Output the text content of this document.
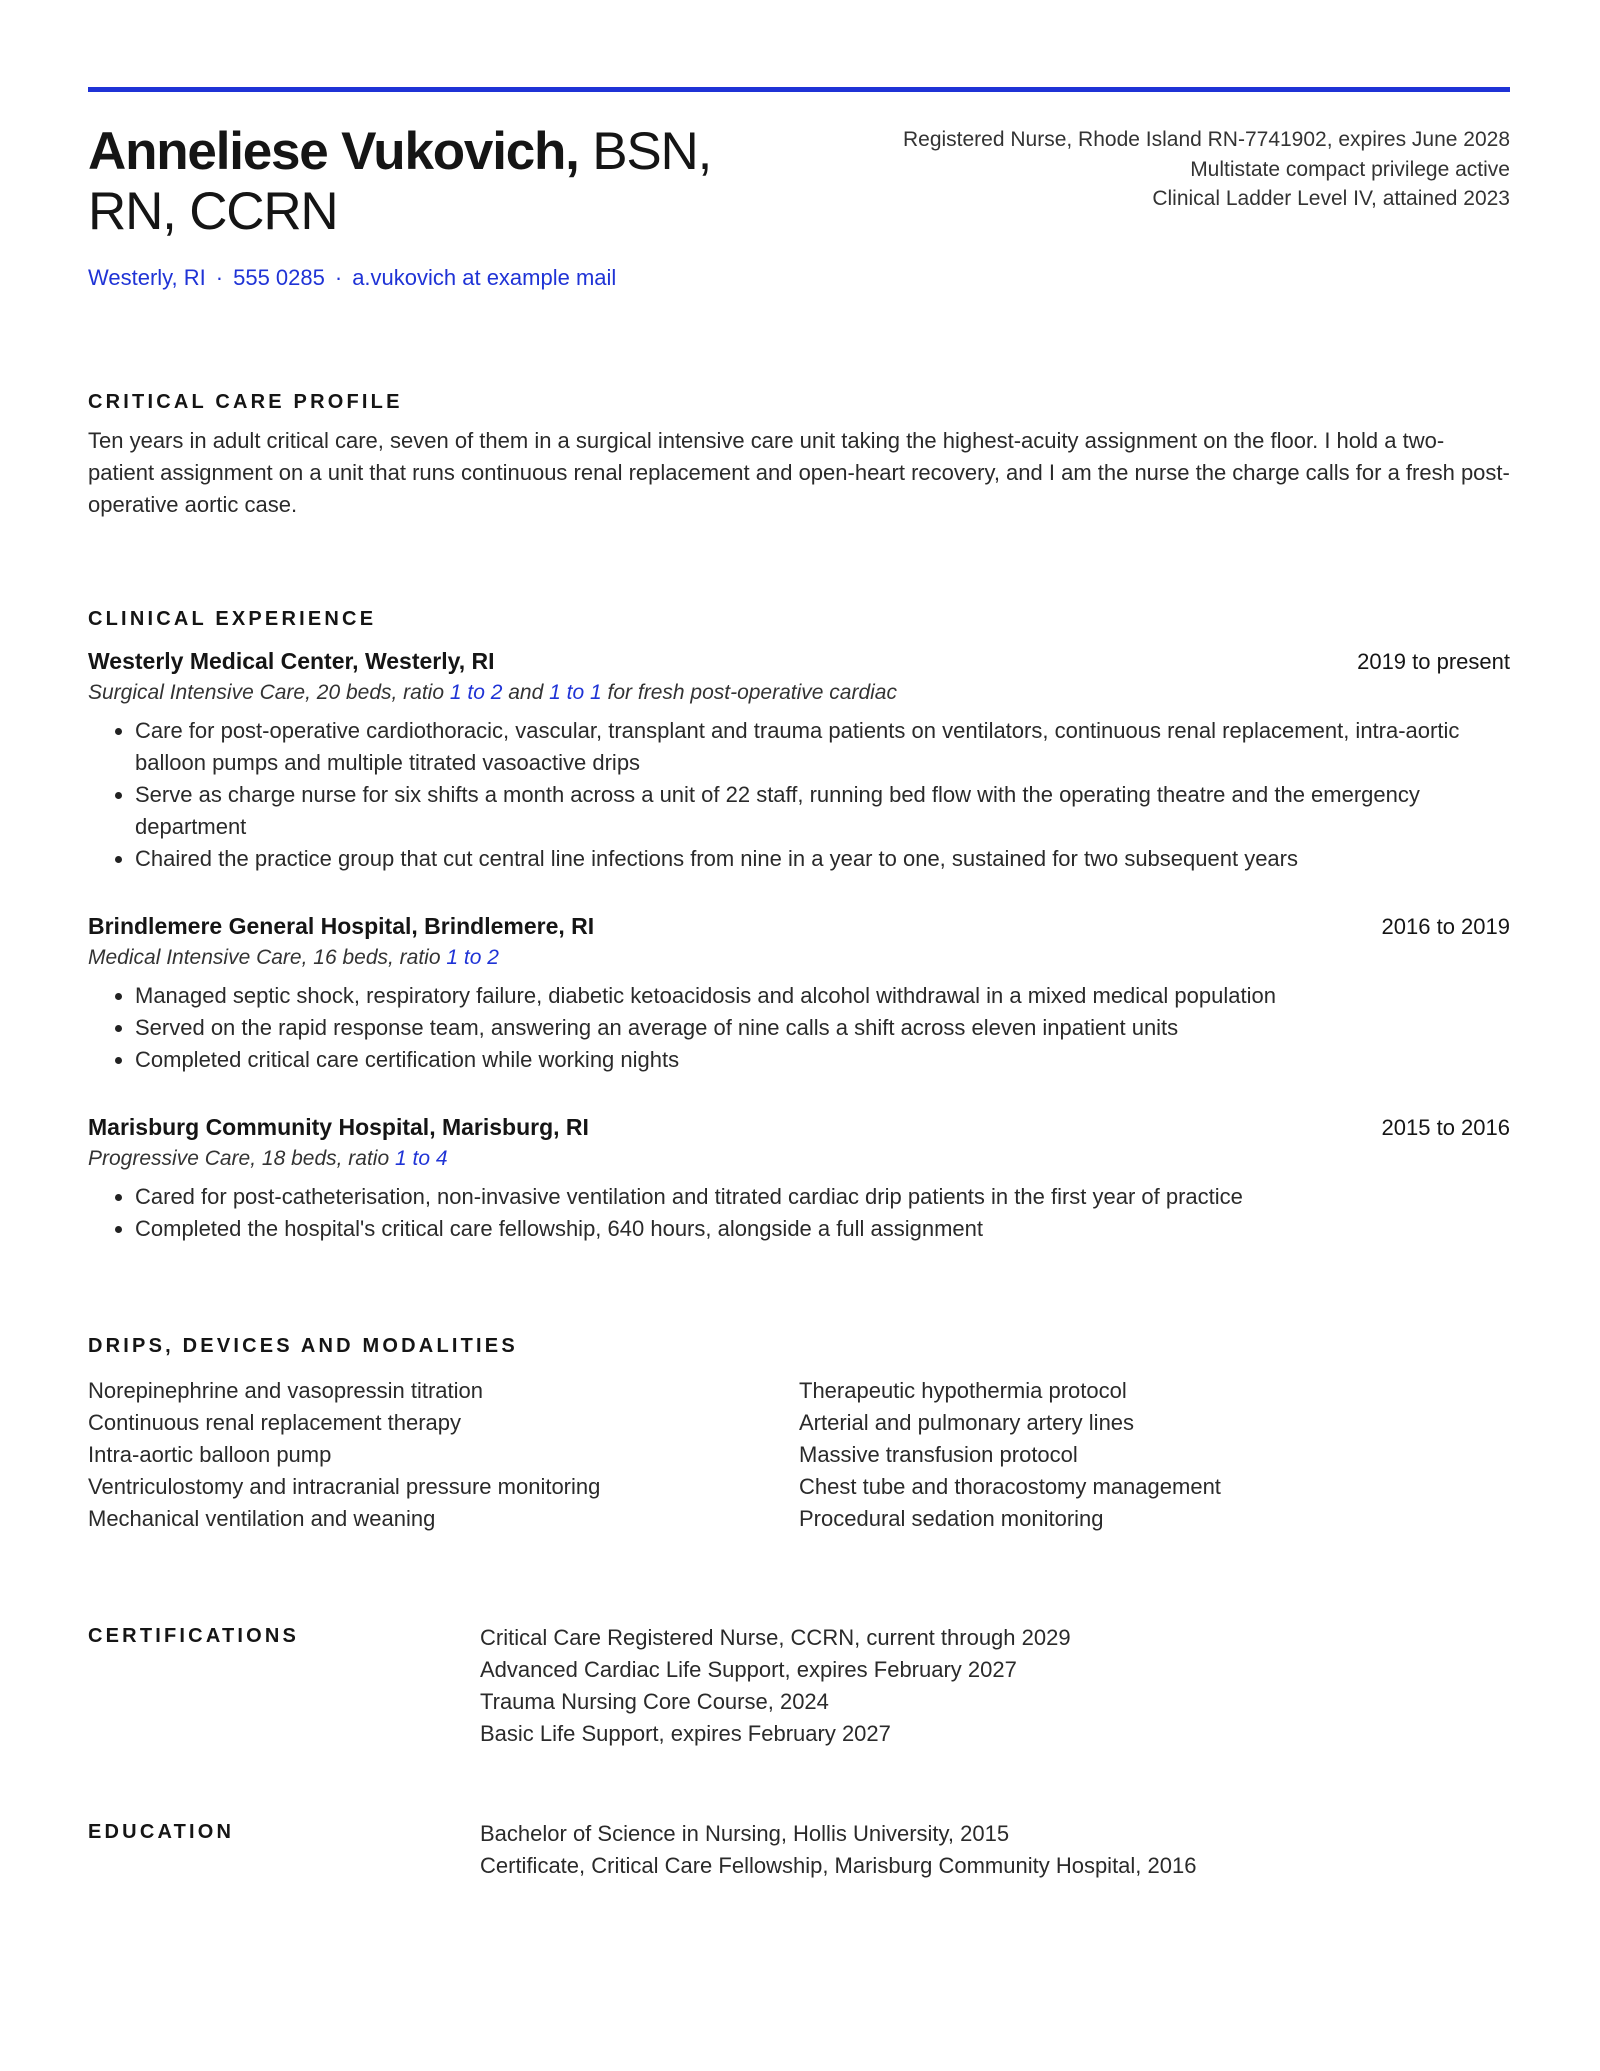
Anneliese Vukovich, BSN,
RN, CCRN
Westerly, RI · 555 0285 · a.vukovich at example mail
Registered Nurse, Rhode Island RN-7741902, expires June 2028
Multistate compact privilege active
Clinical Ladder Level IV, attained 2023
CRITICAL CARE PROFILE
Ten years in adult critical care, seven of them in a surgical intensive care unit taking the highest-acuity assignment on the floor. I hold a two-patient assignment on a unit that runs continuous renal replacement and open-heart recovery, and I am the nurse the charge calls for a fresh post-operative aortic case.
CLINICAL EXPERIENCE
Westerly Medical Center, Westerly, RI	2019 to present
Surgical Intensive Care, 20 beds, ratio 1 to 2 and 1 to 1 for fresh post-operative cardiac
• Care for post-operative cardiothoracic, vascular, transplant and trauma patients on ventilators, continuous renal replacement, intra-aortic balloon pumps and multiple titrated vasoactive drips
• Serve as charge nurse for six shifts a month across a unit of 22 staff, running bed flow with the operating theatre and the emergency department
• Chaired the practice group that cut central line infections from nine in a year to one, sustained for two subsequent years
Brindlemere General Hospital, Brindlemere, RI	2016 to 2019
Medical Intensive Care, 16 beds, ratio 1 to 2
• Managed septic shock, respiratory failure, diabetic ketoacidosis and alcohol withdrawal in a mixed medical population
• Served on the rapid response team, answering an average of nine calls a shift across eleven inpatient units
• Completed critical care certification while working nights
Marisburg Community Hospital, Marisburg, RI	2015 to 2016
Progressive Care, 18 beds, ratio 1 to 4
• Cared for post-catheterisation, non-invasive ventilation and titrated cardiac drip patients in the first year of practice
• Completed the hospital's critical care fellowship, 640 hours, alongside a full assignment
DRIPS, DEVICES AND MODALITIES
Norepinephrine and vasopressin titration
Continuous renal replacement therapy
Intra-aortic balloon pump
Ventriculostomy and intracranial pressure monitoring
Mechanical ventilation and weaning
Therapeutic hypothermia protocol
Arterial and pulmonary artery lines
Massive transfusion protocol
Chest tube and thoracostomy management
Procedural sedation monitoring
CERTIFICATIONS	Critical Care Registered Nurse, CCRN, current through 2029
Advanced Cardiac Life Support, expires February 2027
Trauma Nursing Core Course, 2024
Basic Life Support, expires February 2027
EDUCATION	Bachelor of Science in Nursing, Hollis University, 2015
Certificate, Critical Care Fellowship, Marisburg Community Hospital, 2016
